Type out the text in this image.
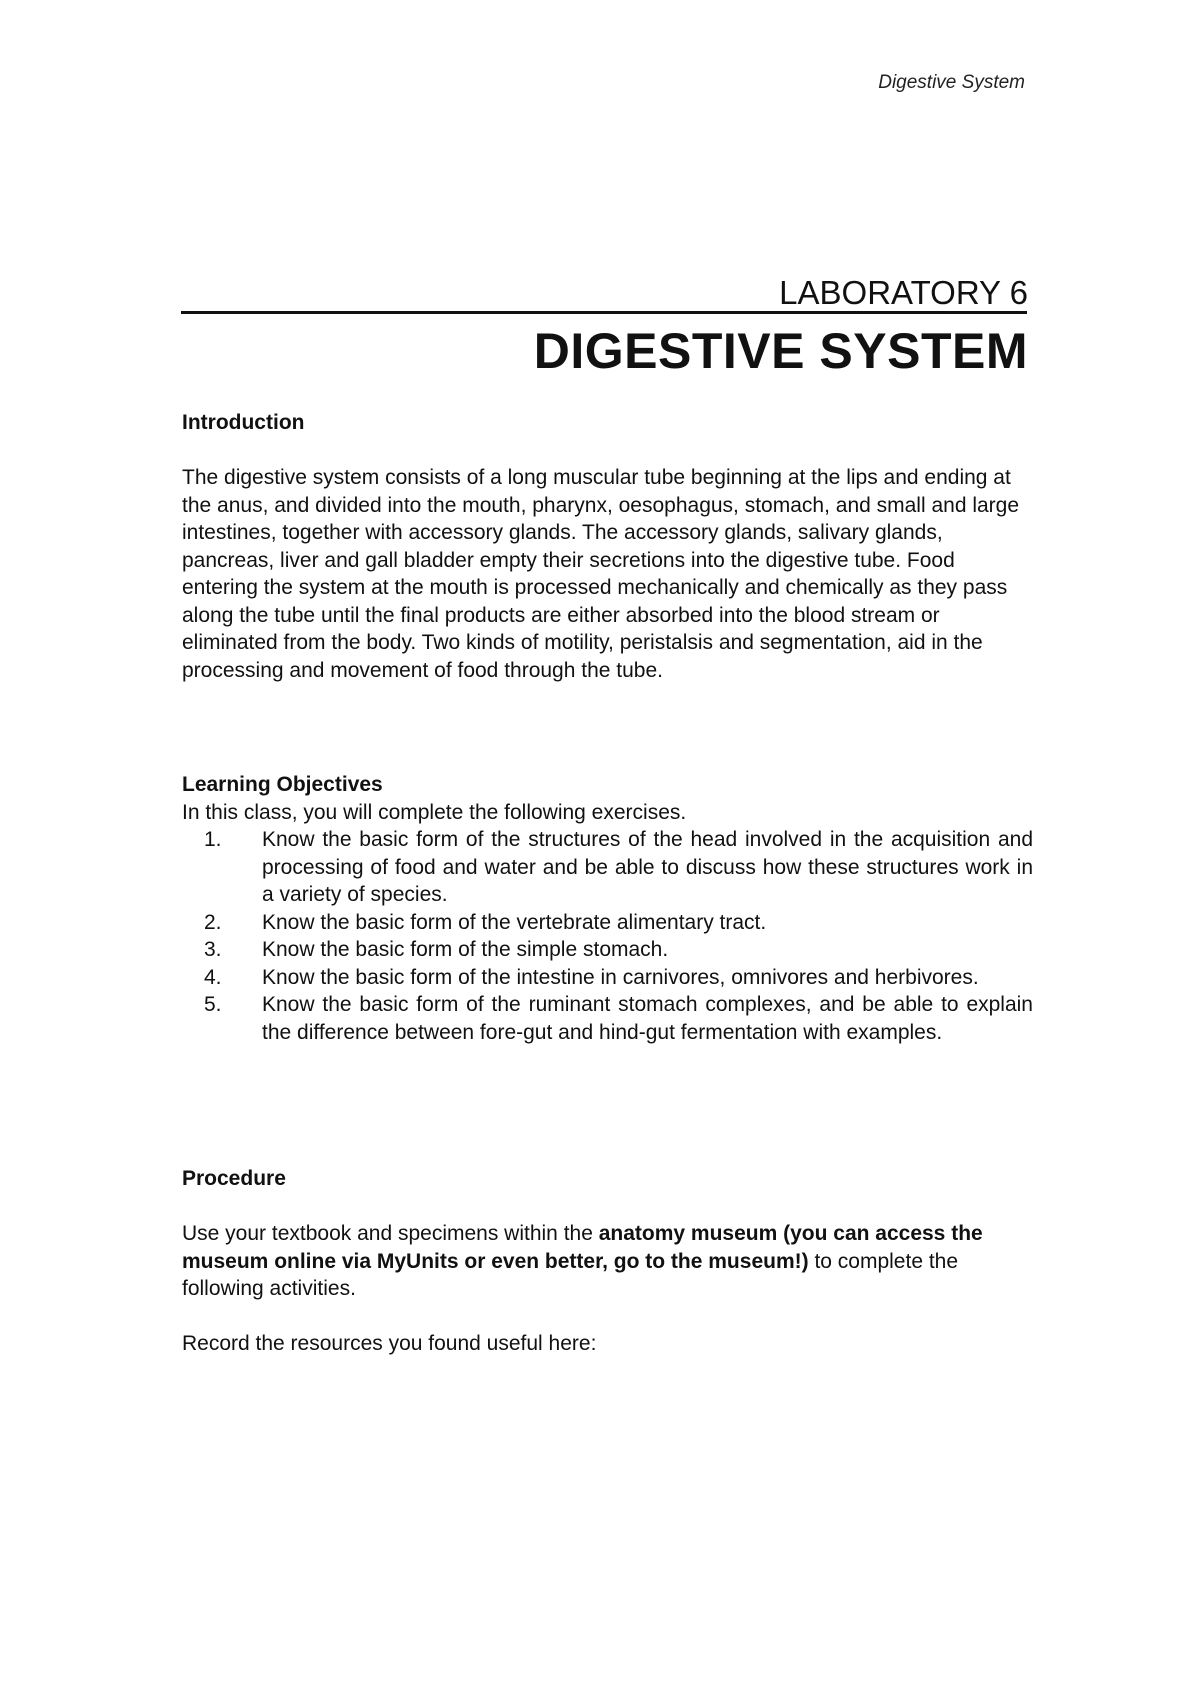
Digestive System
LABORATORY 6
DIGESTIVE SYSTEM
Introduction

The digestive system consists of a long muscular tube beginning at the lips and ending at the anus, and divided into the mouth, pharynx, oesophagus, stomach, and small and large intestines, together with accessory glands. The accessory glands, salivary glands, pancreas, liver and gall bladder empty their secretions into the digestive tube. Food entering the system at the mouth is processed mechanically and chemically as they pass along the tube until the final products are either absorbed into the blood stream or eliminated from the body. Two kinds of motility, peristalsis and segmentation, aid in the processing and movement of food through the tube.

Learning Objectives

In this class, you will complete the following exercises.

1. Know the basic form of the structures of the head involved in the acquisition and processing of food and water and be able to discuss how these structures work in a variety of species.
2. Know the basic form of the vertebrate alimentary tract.
3. Know the basic form of the simple stomach.
4. Know the basic form of the intestine in carnivores, omnivores and herbivores.
5. Know the basic form of the ruminant stomach complexes, and be able to explain the difference between fore-gut and hind-gut fermentation with examples.
Procedure

Use your textbook and specimens within the anatomy museum (you can access the museum online via MyUnits or even better, go to the museum!) to complete the following activities.

Record the resources you found useful here:
